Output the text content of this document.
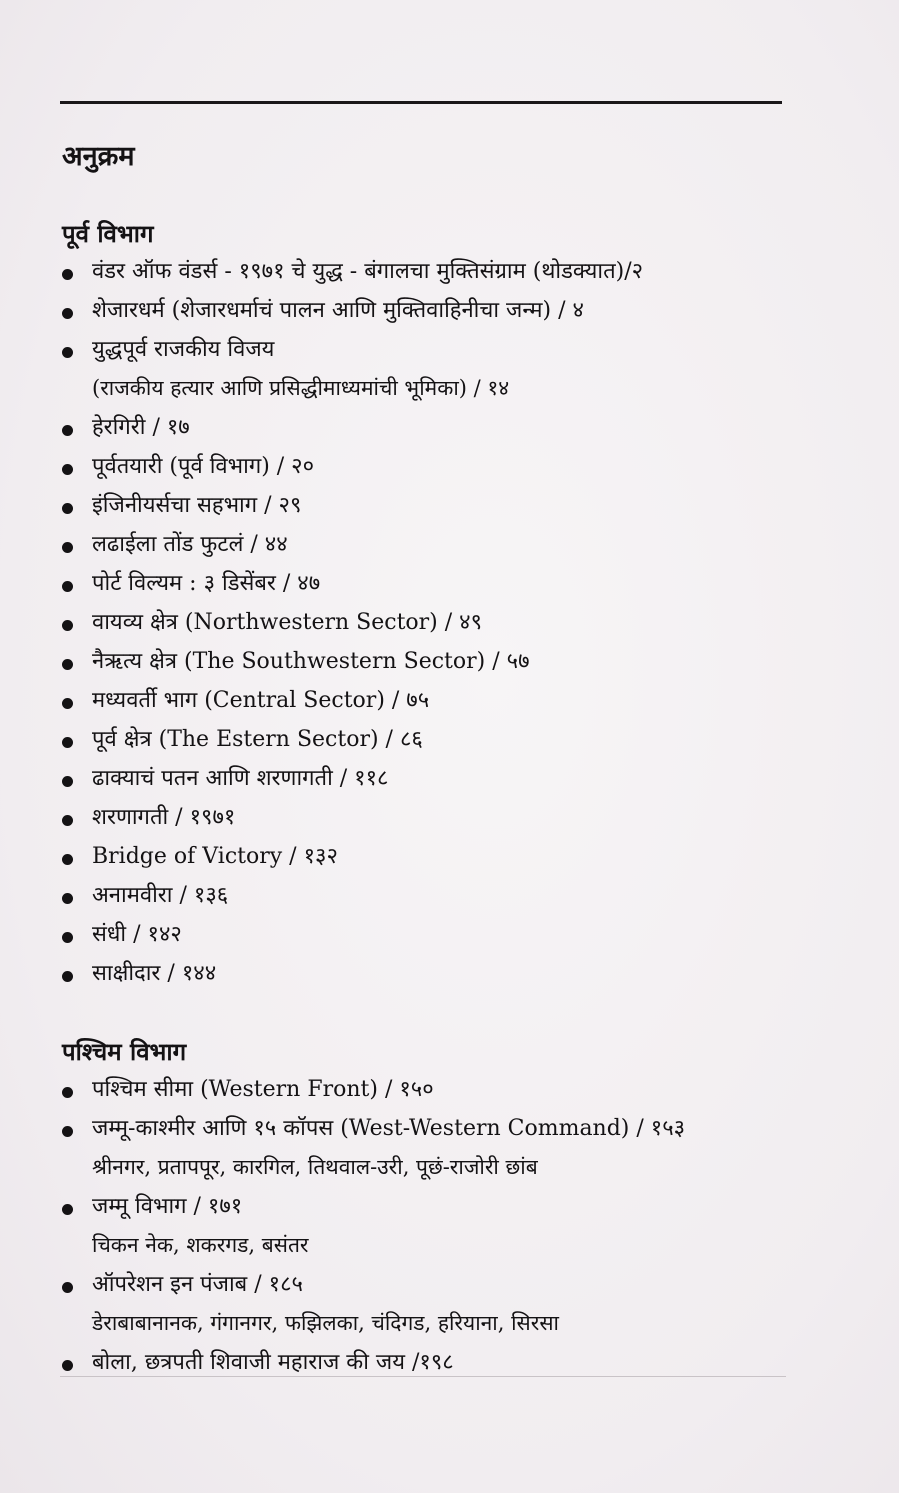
अनुक्रम
पूर्व विभाग
वंडर ऑफ वंडर्स - १९७१ चे युद्ध - बंगालचा मुक्तिसंग्राम (थोडक्यात)/२
शेजारधर्म (शेजारधर्माचं पालन आणि मुक्तिवाहिनीचा जन्म) / ४
युद्धपूर्व राजकीय विजय
(राजकीय हत्यार आणि प्रसिद्धीमाध्यमांची भूमिका) / १४
हेरगिरी / १७
पूर्वतयारी (पूर्व विभाग) / २०
इंजिनीयर्सचा सहभाग / २९
लढाईला तोंड फुटलं / ४४
पोर्ट विल्यम : ३ डिसेंबर / ४७
वायव्य क्षेत्र (Northwestern Sector) / ४९
नैऋत्य क्षेत्र (The Southwestern Sector) / ५७
मध्यवर्ती भाग (Central Sector) / ७५
पूर्व क्षेत्र (The Estern Sector) / ८६
ढाक्याचं पतन आणि शरणागती / ११८
शरणागती / १९७१
Bridge of Victory / १३२
अनामवीरा / १३६
संधी / १४२
साक्षीदार / १४४
पश्चिम विभाग
पश्चिम सीमा (Western Front) / १५०
जम्मू-काश्मीर आणि १५ कॉपस (West-Western Command) / १५३
श्रीनगर, प्रतापपूर, कारगिल, तिथवाल-उरी, पूछं-राजोरी छांब
जम्मू विभाग / १७१
चिकन नेक, शकरगड, बसंतर
ऑपरेशन इन पंजाब / १८५
डेराबाबानानक, गंगानगर, फझिलका, चंदिगड, हरियाना, सिरसा
बोला, छत्रपती शिवाजी महाराज की जय /१९८
